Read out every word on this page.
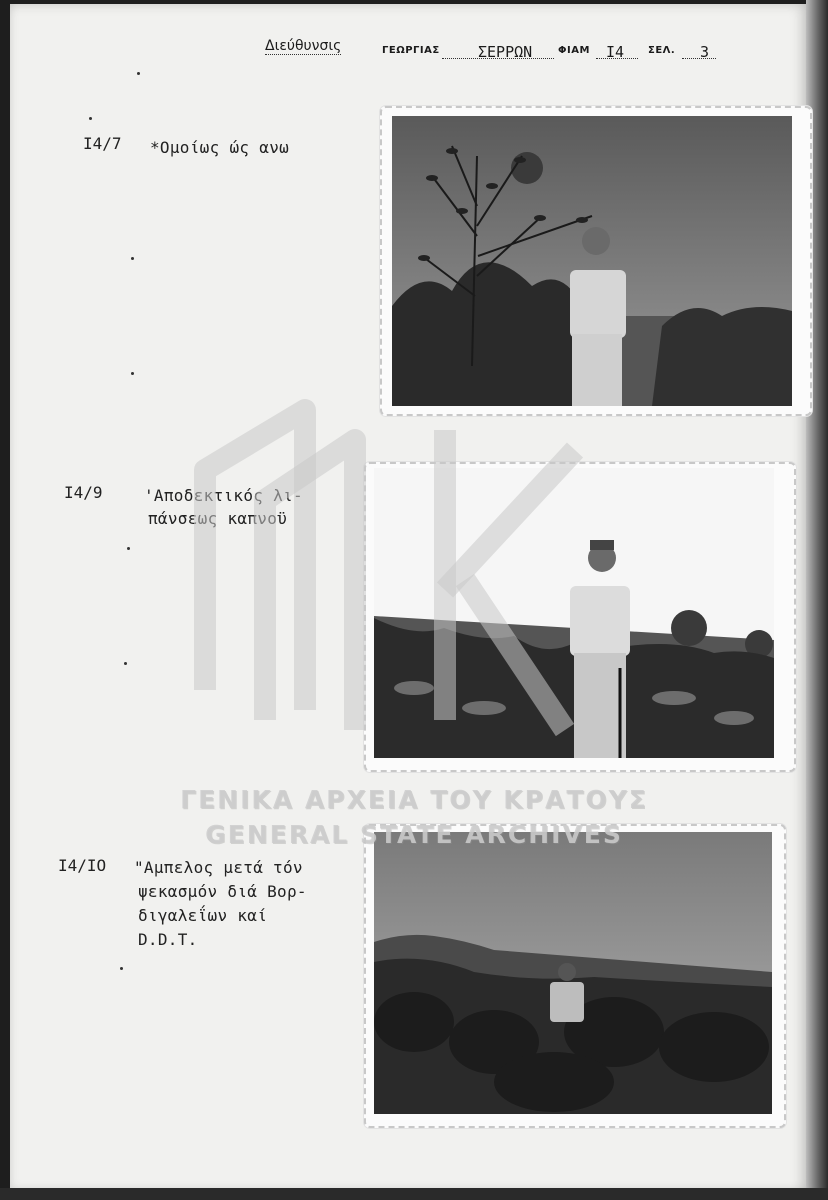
Διεύθυνσις	ΓΕΩΡΓΙΑΣ	ΣΕΡΡΩΝ	ΦΙΑΜ Ι4 ΣΕΛ. 3
Ι4/7 *Ομοίως ώς ανω
Ι4/9	'Αποδεκτικός λι-
πάνσεως καπνοϋ
Ι4/ΙΟ "Αμπελος μετά τόν
ψεκασμόν διά Βορ-
διγαλεΐων καί
D.D.T.
ΓΕΝΙΚΑ ΑΡΧΕΙΑ ΤΟΥ ΚΡΑΤΟΥΣ
GENERAL STATE ARCHIVES
